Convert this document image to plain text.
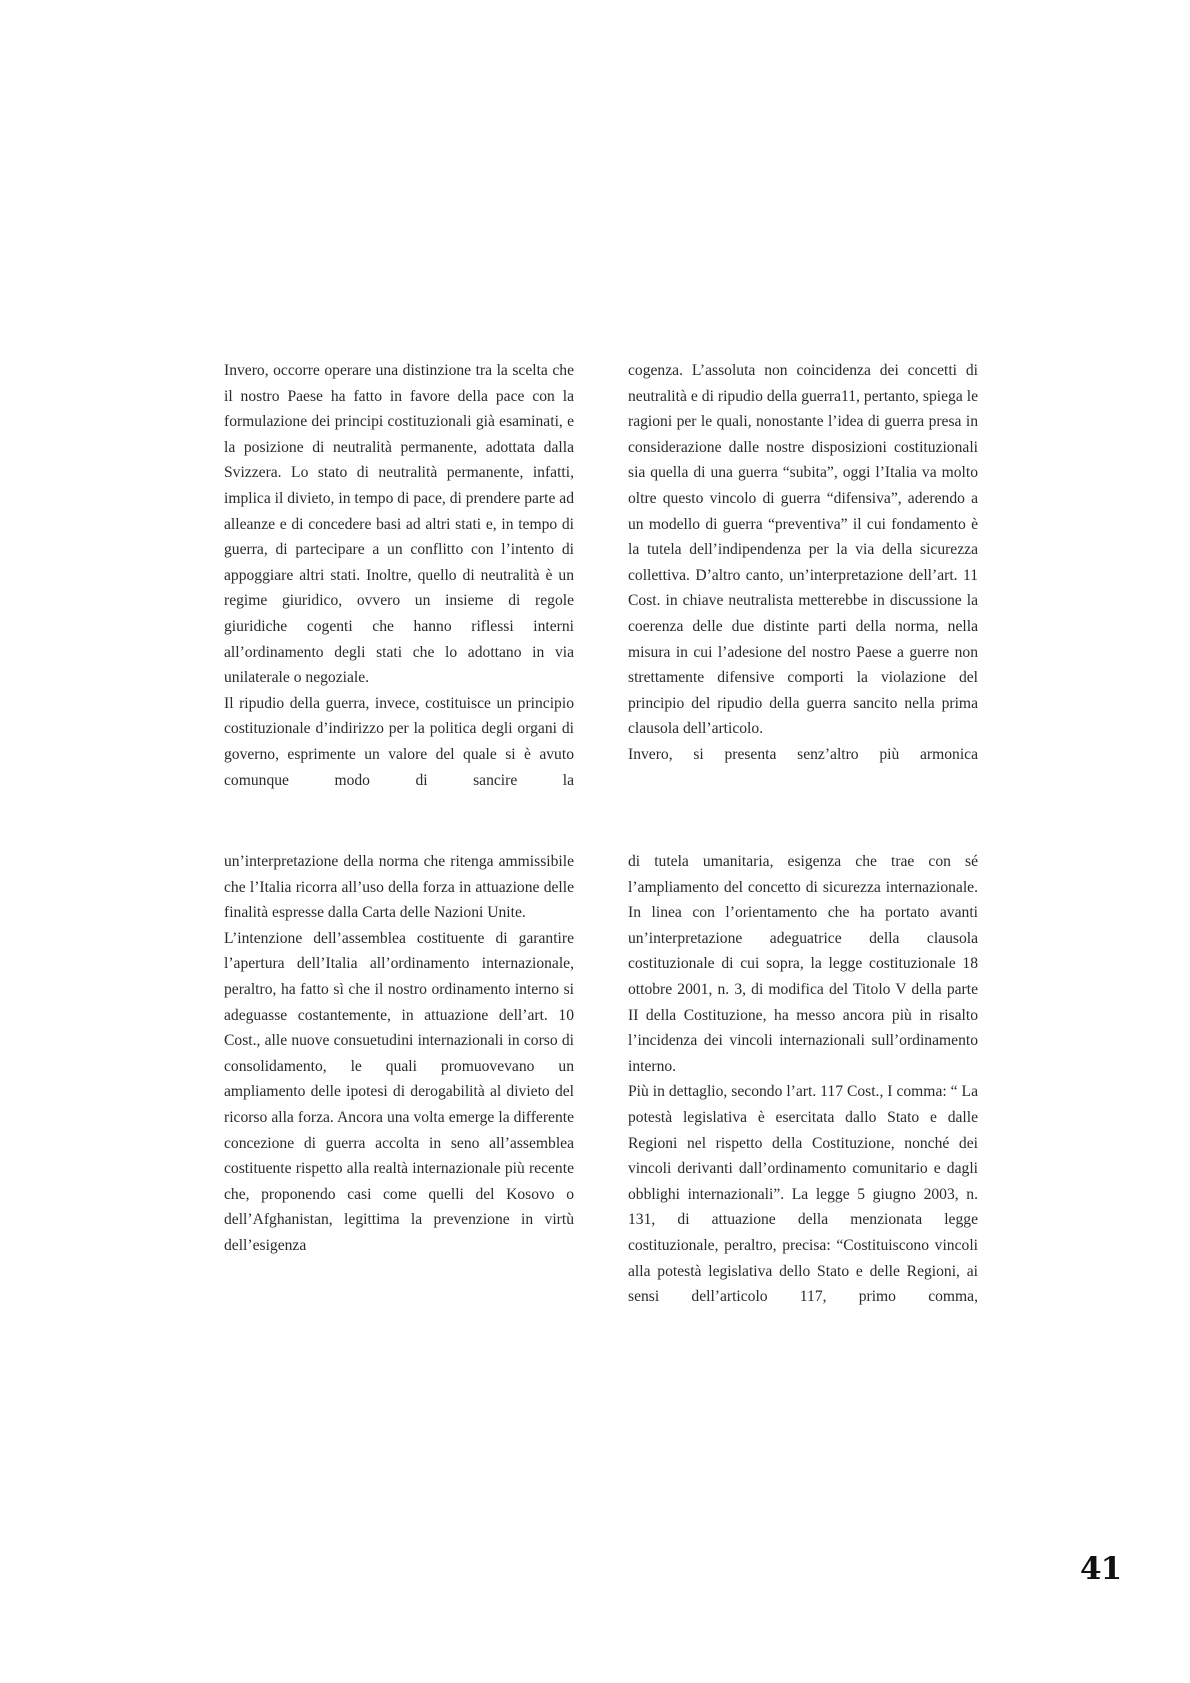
Invero, occorre operare una distinzione tra la scelta che il nostro Paese ha fatto in favore della pace con la formulazione dei principi costituzionali già esaminati, e la posizione di neutralità permanente, adottata dalla Svizzera. Lo stato di neutralità permanente, infatti, implica il divieto, in tempo di pace, di prendere parte ad alleanze e di concedere basi ad altri stati e, in tempo di guerra, di partecipare a un conflitto con l’intento di appoggiare altri stati. Inoltre, quello di neutralità è un regime giuridico, ovvero un insieme di regole giuridiche cogenti che hanno riflessi interni all’ordinamento degli stati che lo adottano in via unilaterale o negoziale.

Il ripudio della guerra, invece, costituisce un principio costituzionale d’indirizzo per la politica degli organi di governo, esprimente un valore del quale si è avuto comunque modo di sancire la

cogenza. L’assoluta non coincidenza dei concetti di neutralità e di ripudio della guerra11, pertanto, spiega le ragioni per le quali, nonostante l’idea di guerra presa in considerazione dalle nostre disposizioni costituzionali sia quella di una guerra “subita”, oggi l’Italia va molto oltre questo vincolo di guerra “difensiva”, aderendo a un modello di guerra “preventiva” il cui fondamento è la tutela dell’indipendenza per la via della sicurezza collettiva. D’altro canto, un’interpretazione dell’art. 11 Cost. in chiave neutralista metterebbe in discussione la coerenza delle due distinte parti della norma, nella misura in cui l’adesione del nostro Paese a guerre non strettamente difensive comporti la violazione del principio del ripudio della guerra sancito nella prima clausola dell’articolo.

Invero, si presenta senz’altro più armonica

un’interpretazione della norma che ritenga ammissibile che l’Italia ricorra all’uso della forza in attuazione delle finalità espresse dalla Carta delle Nazioni Unite.

L’intenzione dell’assemblea costituente di garantire l’apertura dell’Italia all’ordinamento internazionale, peraltro, ha fatto sì che il nostro ordinamento interno si adeguasse costantemente, in attuazione dell’art. 10 Cost., alle nuove consuetudini internazionali in corso di consolidamento, le quali promuovevano un ampliamento delle ipotesi di derogabilità al divieto del ricorso alla forza. Ancora una volta emerge la differente concezione di guerra accolta in seno all’assemblea costituente rispetto alla realtà internazionale più recente che, proponendo casi come quelli del Kosovo o dell’Afghanistan, legittima la prevenzione in virtù dell’esigenza

di tutela umanitaria, esigenza che trae con sé l’ampliamento del concetto di sicurezza internazionale. In linea con l’orientamento che ha portato avanti un’interpretazione adeguatrice della clausola costituzionale di cui sopra, la legge costituzionale 18 ottobre 2001, n. 3, di modifica del Titolo V della parte II della Costituzione, ha messo ancora più in risalto l’incidenza dei vincoli internazionali sull’ordinamento interno.

Più in dettaglio, secondo l’art. 117 Cost., I comma: “ La potestà legislativa è esercitata dallo Stato e dalle Regioni nel rispetto della Costituzione, nonché dei vincoli derivanti dall’ordinamento comunitario e dagli obblighi internazionali”. La legge 5 giugno 2003, n. 131, di attuazione della menzionata legge costituzionale, peraltro, precisa: “Costituiscono vincoli alla potestà legislativa dello Stato e delle Regioni, ai sensi dell’articolo 117, primo comma,

41
